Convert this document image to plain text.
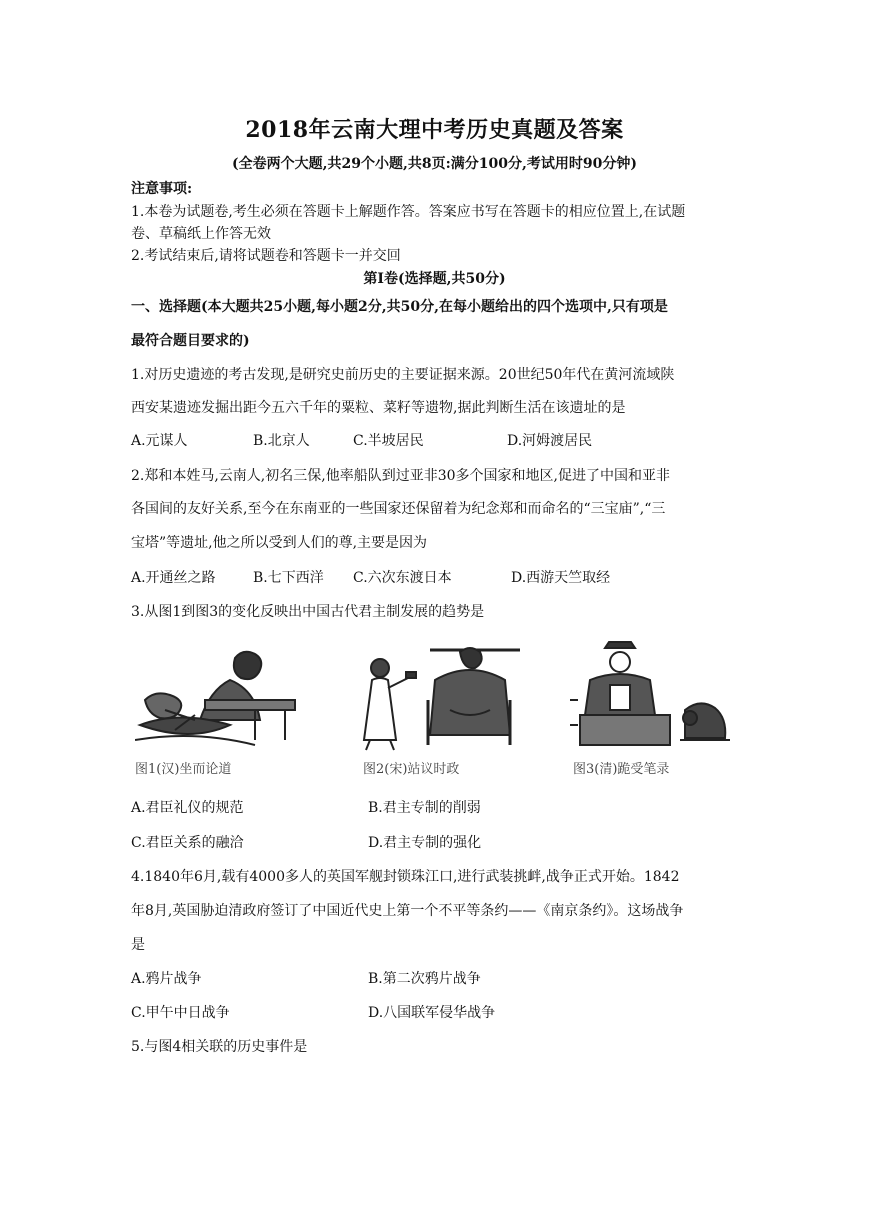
2018年云南大理中考历史真题及答案
(全卷两个大题,共29个小题,共8页:满分100分,考试用时90分钟)
注意事项:
1.本卷为试题卷,考生必须在答题卡上解题作答。答案应书写在答题卡的相应位置上,在试题
卷、草稿纸上作答无效
2.考试结束后,请将试题卷和答题卡一并交回
第Ⅰ卷(选择题,共50分)
一、选择题(本大题共25小题,每小题2分,共50分,在每小题给出的四个选项中,只有项是
最符合题目要求的)
1.对历史遗迹的考古发现,是研究史前历史的主要证据来源。20世纪50年代在黄河流域陕
西安某遗迹发掘出距今五六千年的粟粒、菜籽等遗物,据此判断生活在该遗址的是
A.元谋人	B.北京人	C.半坡居民	D.河姆渡居民
2.郑和本姓马,云南人,初名三保,他率船队到过亚非30多个国家和地区,促进了中国和亚非
各国间的友好关系,至今在东南亚的一些国家还保留着为纪念郑和而命名的“三宝庙”,“三
宝塔”等遗址,他之所以受到人们的尊,主要是因为
A.开通丝之路	B.七下西洋 C.六次东渡日本	D.西游天竺取经
3.从图1到图3的变化反映出中国古代君主制发展的趋势是
图1(汉)坐而论道	图2(宋)站议时政	图3(清)跪受笔录
A.君臣礼仪的规范	B.君主专制的削弱
C.君臣关系的融洽	D.君主专制的强化
4.1840年6月,载有4000多人的英国军舰封锁珠江口,进行武装挑衅,战争正式开始。1842
年8月,英国胁迫清政府签订了中国近代史上第一个不平等条约——《南京条约》。这场战争
是
A.鸦片战争	B.第二次鸦片战争
C.甲午中日战争	D.八国联军侵华战争
5.与图4相关联的历史事件是
